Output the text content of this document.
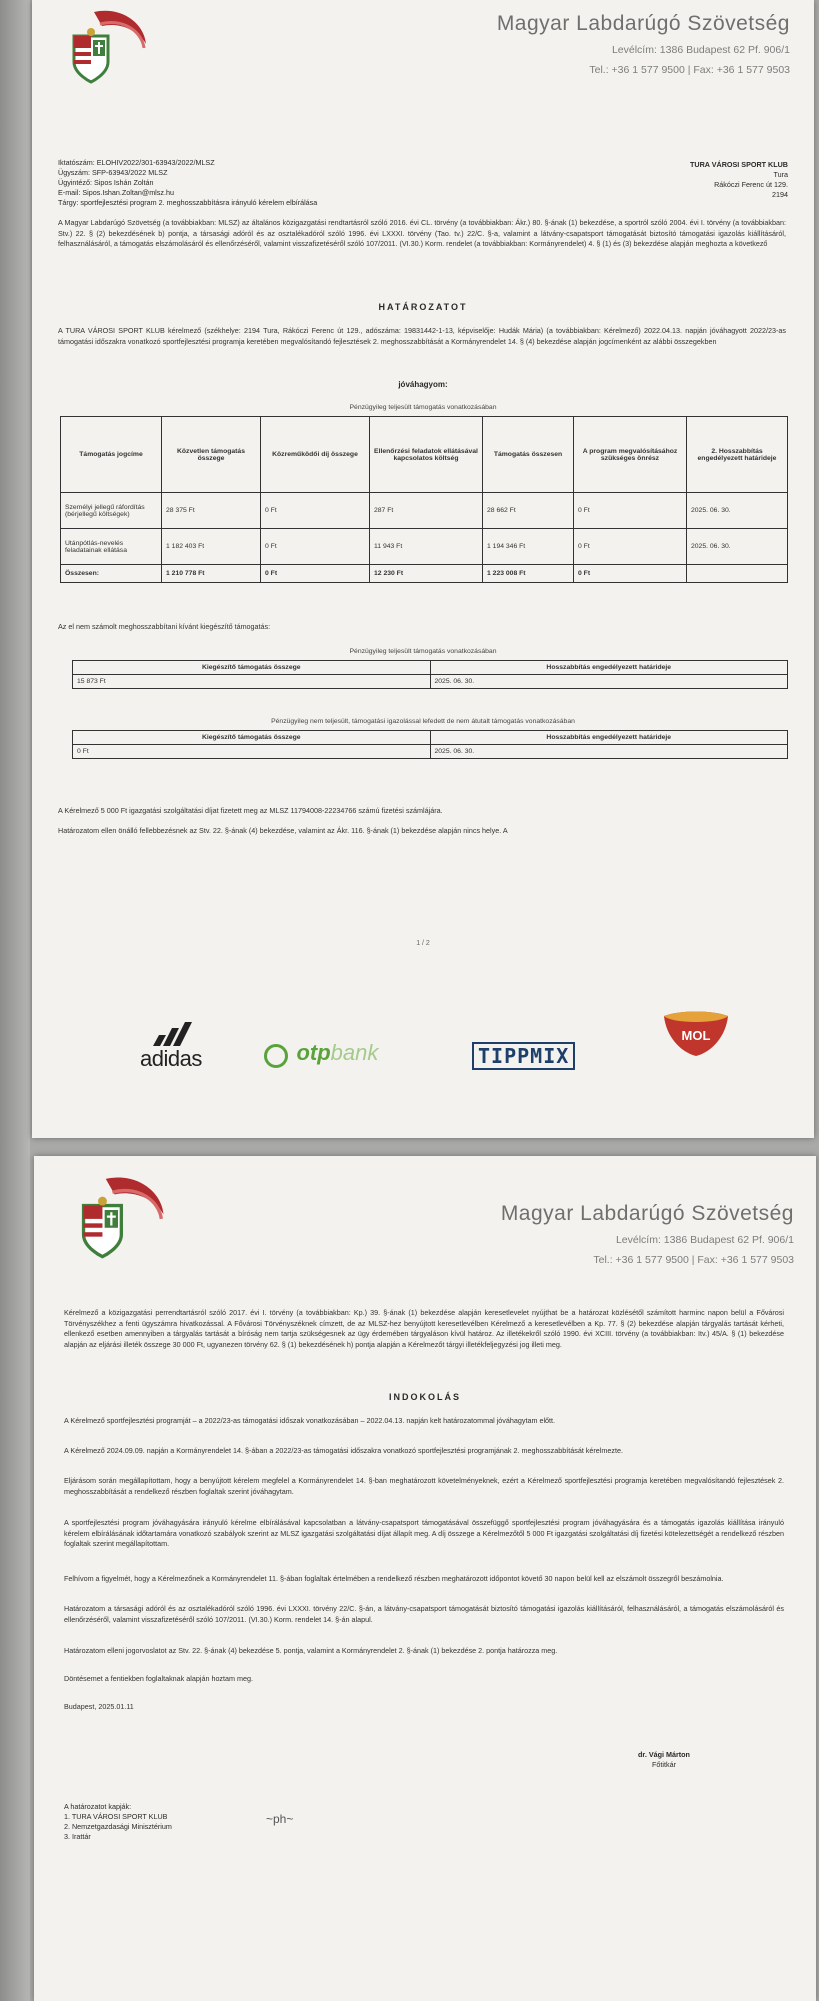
Magyar Labdarúgó Szövetség
Levélcím: 1386 Budapest 62 Pf. 906/1
Tel.: +36 1 577 9500 | Fax: +36 1 577 9503
Iktatószám: ELOHIV2022/301-63943/2022/MLSZ
Ügyszám: SFP-63943/2022 MLSZ
Ügyintéző: Sipos Ishán Zoltán
E-mail: Sipos.Ishan.Zoltan@mlsz.hu
Tárgy: sportfejlesztési program 2. meghosszabbításra irányuló kérelem elbírálása
TURA VÁROSI SPORT KLUB
Tura
Rákóczi Ferenc út 129.
2194
A Magyar Labdarúgó Szövetség (a továbbiakban: MLSZ) az általános közigazgatási rendtartásról szóló 2016. évi CL. törvény (a továbbiakban: Ákr.) 80. §-ának (1) bekezdése, a sportról szóló 2004. évi I. törvény (a továbbiakban: Stv.) 22. § (2) bekezdésének b) pontja, a társasági adóról és az osztalékadóról szóló 1996. évi LXXXI. törvény (Tao. tv.) 22/C. §-a, valamint a látvány-csapatsport támogatását biztosító támogatási igazolás kiállításáról, felhasználásáról, a támogatás elszámolásáról és ellenőrzéséről, valamint visszafizetéséről szóló 107/2011. (VI.30.) Korm. rendelet (a továbbiakban: Kormányrendelet) 4. § (1) és (3) bekezdése alapján meghozta a következő
HATÁROZATOT
A TURA VÁROSI SPORT KLUB kérelmező (székhelye: 2194 Tura, Rákóczi Ferenc út 129., adószáma: 19831442-1-13, képviselője: Hudák Mária) (a továbbiakban: Kérelmező) 2022.04.13. napján jóváhagyott 2022/23-as támogatási időszakra vonatkozó sportfejlesztési programja keretében megvalósítandó fejlesztések 2. meghosszabbítását a Kormányrendelet 14. § (4) bekezdése alapján jogcímenként az alábbi összegekben
jóváhagyom:
Pénzügyileg teljesült támogatás vonatkozásában
Támogatás jogcíme	Közvetlen támogatás összege	Közreműködői díj összege	Ellenőrzési feladatok ellátásával kapcsolatos költség	Támogatás összesen	A program megvalósításához szükséges önrész	2. Hosszabbítás engedélyezett határideje
Személyi jellegű ráfordítás (bérjellegű költségek)	28 375 Ft	0 Ft	287 Ft	28 662 Ft	0 Ft	2025. 06. 30.
Utánpótlás-nevelés feladatainak ellátása	1 182 403 Ft	0 Ft	11 943 Ft	1 194 346 Ft	0 Ft	2025. 06. 30.
Összesen:	1 210 778 Ft	0 Ft	12 230 Ft	1 223 008 Ft	0 Ft	
Az el nem számolt meghosszabbítani kívánt kiegészítő támogatás:
Pénzügyileg teljesült támogatás vonatkozásában
Kiegészítő támogatás összege	Hosszabbítás engedélyezett határideje
15 873 Ft	2025. 06. 30.
Pénzügyileg nem teljesült, támogatási igazolással lefedett de nem átutalt támogatás vonatkozásában
Kiegészítő támogatás összege	Hosszabbítás engedélyezett határideje
0 Ft	2025. 06. 30.
A Kérelmező 5 000 Ft igazgatási szolgáltatási díjat fizetett meg az MLSZ 11794008-22234766 számú fizetési számlájára.
Határozatom ellen önálló fellebbezésnek az Stv. 22. §-ának (4) bekezdése, valamint az Ákr. 116. §-ának (1) bekezdése alapján nincs helye. A
1 / 2
adidas	otpbank	TIPPMIX
MOL
Magyar Labdarúgó Szövetség
Levélcím: 1386 Budapest 62 Pf. 906/1
Tel.: +36 1 577 9500 | Fax: +36 1 577 9503
Kérelmező a közigazgatási perrendtartásról szóló 2017. évi I. törvény (a továbbiakban: Kp.) 39. §-ának (1) bekezdése alapján keresetlevelet nyújthat be a határozat közlésétől számított harminc napon belül a Fővárosi Törvényszékhez a fenti ügyszámra hivatkozással. A Fővárosi Törvényszéknek címzett, de az MLSZ-hez benyújtott keresetlevélben Kérelmező a keresetlevélben a Kp. 77. § (2) bekezdése alapján tárgyalás tartását kérheti, ellenkező esetben amennyiben a tárgyalás tartását a bíróság nem tartja szükségesnek az ügy érdemében tárgyaláson kívül határoz. Az illetékekről szóló 1990. évi XCIII. törvény (a továbbiakban: Itv.) 45/A. § (1) bekezdése alapján az eljárási illeték összege 30 000 Ft, ugyanezen törvény 62. § (1) bekezdésének h) pontja alapján a Kérelmezőt tárgyi illetékfeljegyzési jog illeti meg.
INDOKOLÁS
A Kérelmező sportfejlesztési programját – a 2022/23-as támogatási időszak vonatkozásában – 2022.04.13. napján kelt határozatommal jóváhagytam előtt.
A Kérelmező 2024.09.09. napján a Kormányrendelet 14. §-ában a 2022/23-as támogatási időszakra vonatkozó sportfejlesztési programjának 2. meghosszabbítását kérelmezte.
Eljárásom során megállapítottam, hogy a benyújtott kérelem megfelel a Kormányrendelet 14. §-ban meghatározott követelményeknek, ezért a Kérelmező sportfejlesztési programja keretében megvalósítandó fejlesztések 2. meghosszabbítását a rendelkező részben foglaltak szerint jóváhagytam.
A sportfejlesztési program jóváhagyására irányuló kérelme elbírálásával kapcsolatban a látvány-csapatsport támogatásával összefüggő sportfejlesztési program jóváhagyására és a támogatás igazolás kiállítása irányuló kérelem elbírálásának időtartamára vonatkozó szabályok szerint az MLSZ igazgatási szolgáltatási díjat állapít meg. A díj összege a Kérelmezőtől 5 000 Ft igazgatási szolgáltatási díj fizetési kötelezettségét a rendelkező részben foglaltak szerint megállapítottam.
Felhívom a figyelmét, hogy a Kérelmezőnek a Kormányrendelet 11. §-ában foglaltak értelmében a rendelkező részben meghatározott időpontot követő 30 napon belül kell az elszámolt összegről beszámolnia.
Határozatom a társasági adóról és az osztalékadóról szóló 1996. évi LXXXI. törvény 22/C. §-án, a látvány-csapatsport támogatását biztosító támogatási igazolás kiállításáról, felhasználásáról, a támogatás elszámolásáról és ellenőrzéséről, valamint visszafizetéséről szóló 107/2011. (VI.30.) Korm. rendelet 14. §-án alapul.
Határozatom elleni jogorvoslatot az Stv. 22. §-ának (4) bekezdése 5. pontja, valamint a Kormányrendelet 2. §-ának (1) bekezdése 2. pontja határozza meg.
Döntésemet a fentiekben foglaltaknak alapján hoztam meg.
Budapest, 2025.01.11
dr. Vági Márton
Főtitkár
A határozatot kapják:
1. TURA VÁROSI SPORT KLUB
2. Nemzetgazdasági Minisztérium
3. Irattár
~ph~
